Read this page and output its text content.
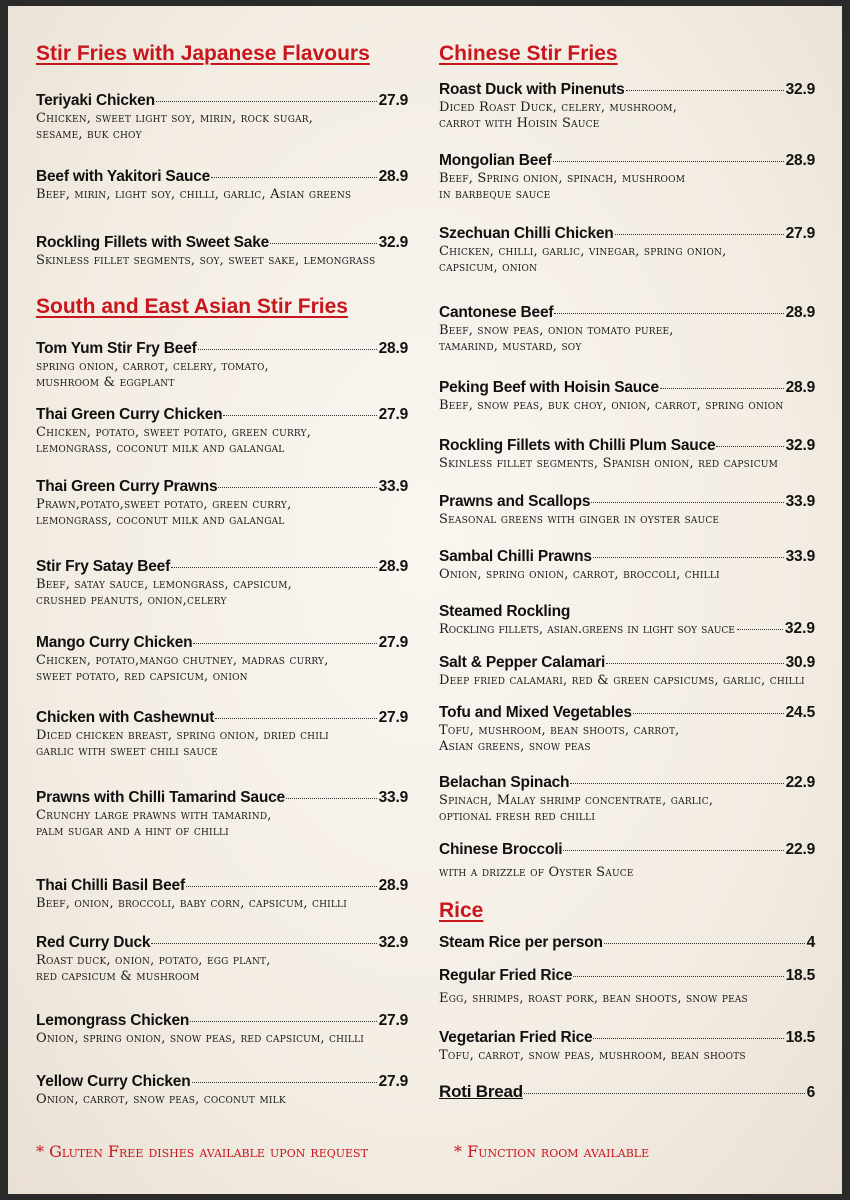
Stir Fries with Japanese Flavours
Teriyaki Chicken	27.9
Chicken, sweet light soy, mirin, rock sugar,
sesame, buk choy
Beef with Yakitori Sauce	28.9
Beef, mirin, light soy, chilli, garlic, Asian greens
Rockling Fillets with Sweet Sake	32.9
Skinless fillet segments, soy, sweet sake, lemongrass
South and East Asian Stir Fries
Tom Yum Stir Fry Beef	28.9
spring onion, carrot, celery, tomato,
mushroom & eggplant
Thai Green Curry Chicken	27.9
Chicken, potato, sweet potato, green curry,
lemongrass, coconut milk and galangal
Thai Green Curry Prawns	33.9
Prawn,potato,sweet potato, green curry,
lemongrass, coconut milk and galangal
Stir Fry Satay Beef	28.9
Beef, satay sauce, lemongrass, capsicum,
crushed peanuts, onion,celery
Mango Curry Chicken	27.9
Chicken, potato,mango chutney, madras curry,
sweet potato, red capsicum, onion
Chicken with Cashewnut	27.9
Diced chicken breast, spring onion, dried chili
garlic with sweet chili sauce
Prawns with Chilli Tamarind Sauce	33.9
Crunchy large prawns with tamarind,
palm sugar and a hint of chilli
Thai Chilli Basil Beef	28.9
Beef, onion, broccoli, baby corn, capsicum, chilli
Red Curry Duck	32.9
Roast duck, onion, potato, egg plant,
red capsicum & mushroom
Lemongrass Chicken	27.9
Onion, spring onion, snow peas, red capsicum, chilli
Yellow Curry Chicken	27.9
Onion, carrot, snow peas, coconut milk
Chinese Stir Fries
Roast Duck with Pinenuts	32.9
Diced Roast Duck, celery, mushroom,
carrot with Hoisin Sauce
Mongolian Beef	28.9
Beef, Spring onion, spinach, mushroom
in barbeque sauce
Szechuan Chilli Chicken	27.9
Chicken, chilli, garlic, vinegar, spring onion,
capsicum, onion
Cantonese Beef	28.9
Beef, snow peas, onion tomato puree,
tamarind, mustard, soy
Peking Beef with Hoisin Sauce	28.9
Beef, snow peas, buk choy, onion, carrot, spring onion
Rockling Fillets with Chilli Plum Sauce	32.9
Skinless fillet segments, Spanish onion, red capsicum
Prawns and Scallops	33.9
Seasonal greens with ginger in oyster sauce
Sambal Chilli Prawns	33.9
Onion, spring onion, carrot, broccoli, chilli
Steamed Rockling
Rockling fillets, asian.greens in light soy sauce	32.9
Salt & Pepper Calamari	30.9
Deep fried calamari, red & green capsicums, garlic, chilli
Tofu and Mixed Vegetables	24.5
Tofu, mushroom, bean shoots, carrot,
Asian greens, snow peas
Belachan Spinach	22.9
Spinach, Malay shrimp concentrate, garlic,
optional fresh red chilli
Chinese Broccoli	22.9
with a drizzle of Oyster Sauce
Rice
Steam Rice per person	4
Regular Fried Rice	18.5
Egg, shrimps, roast pork, bean shoots, snow peas
Vegetarian Fried Rice	18.5
Tofu, carrot, snow peas, mushroom, bean shoots
Roti Bread	6
* Gluten Free dishes available upon request	* Function room available
